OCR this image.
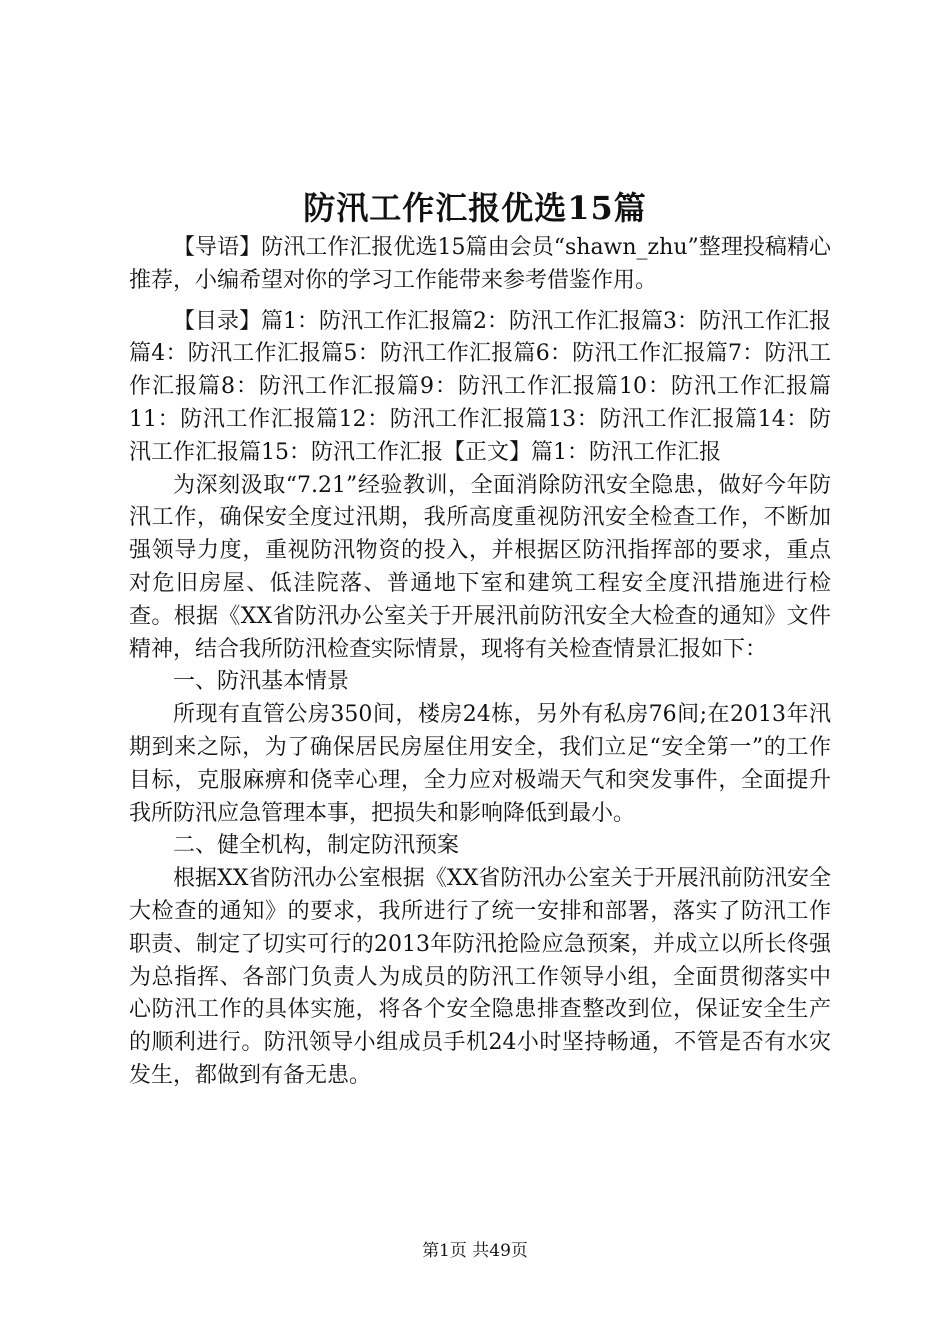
防汛工作汇报优选15篇

【导语】防汛工作汇报优选15篇由会员“shawn_zhu”整理投稿精心推荐，小编希望对你的学习工作能带来参考借鉴作用。

【目录】篇1：防汛工作汇报篇2：防汛工作汇报篇3：防汛工作汇报篇4：防汛工作汇报篇5：防汛工作汇报篇6：防汛工作汇报篇7：防汛工作汇报篇8：防汛工作汇报篇9：防汛工作汇报篇10：防汛工作汇报篇11：防汛工作汇报篇12：防汛工作汇报篇13：防汛工作汇报篇14：防汛工作汇报篇15：防汛工作汇报【正文】篇1：防汛工作汇报

为深刻汲取“7.21”经验教训，全面消除防汛安全隐患，做好今年防汛工作，确保安全度过汛期，我所高度重视防汛安全检查工作，不断加强领导力度，重视防汛物资的投入，并根据区防汛指挥部的要求，重点对危旧房屋、低洼院落、普通地下室和建筑工程安全度汛措施进行检查。根据《XX省防汛办公室关于开展汛前防汛安全大检查的通知》文件精神，结合我所防汛检查实际情景，现将有关检查情景汇报如下：

一、防汛基本情景

所现有直管公房350间，楼房24栋，另外有私房76间;在2013年汛期到来之际，为了确保居民房屋住用安全，我们立足“安全第一”的工作目标，克服麻痹和侥幸心理，全力应对极端天气和突发事件，全面提升我所防汛应急管理本事，把损失和影响降低到最小。

二、健全机构，制定防汛预案

根据XX省防汛办公室根据《XX省防汛办公室关于开展汛前防汛安全大检查的通知》的要求，我所进行了统一安排和部署，落实了防汛工作职责、制定了切实可行的2013年防汛抢险应急预案，并成立以所长佟强为总指挥、各部门负责人为成员的防汛工作领导小组，全面贯彻落实中心防汛工作的具体实施，将各个安全隐患排查整改到位，保证安全生产的顺利进行。防汛领导小组成员手机24小时坚持畅通，不管是否有水灾发生，都做到有备无患。

第1页 共49页
